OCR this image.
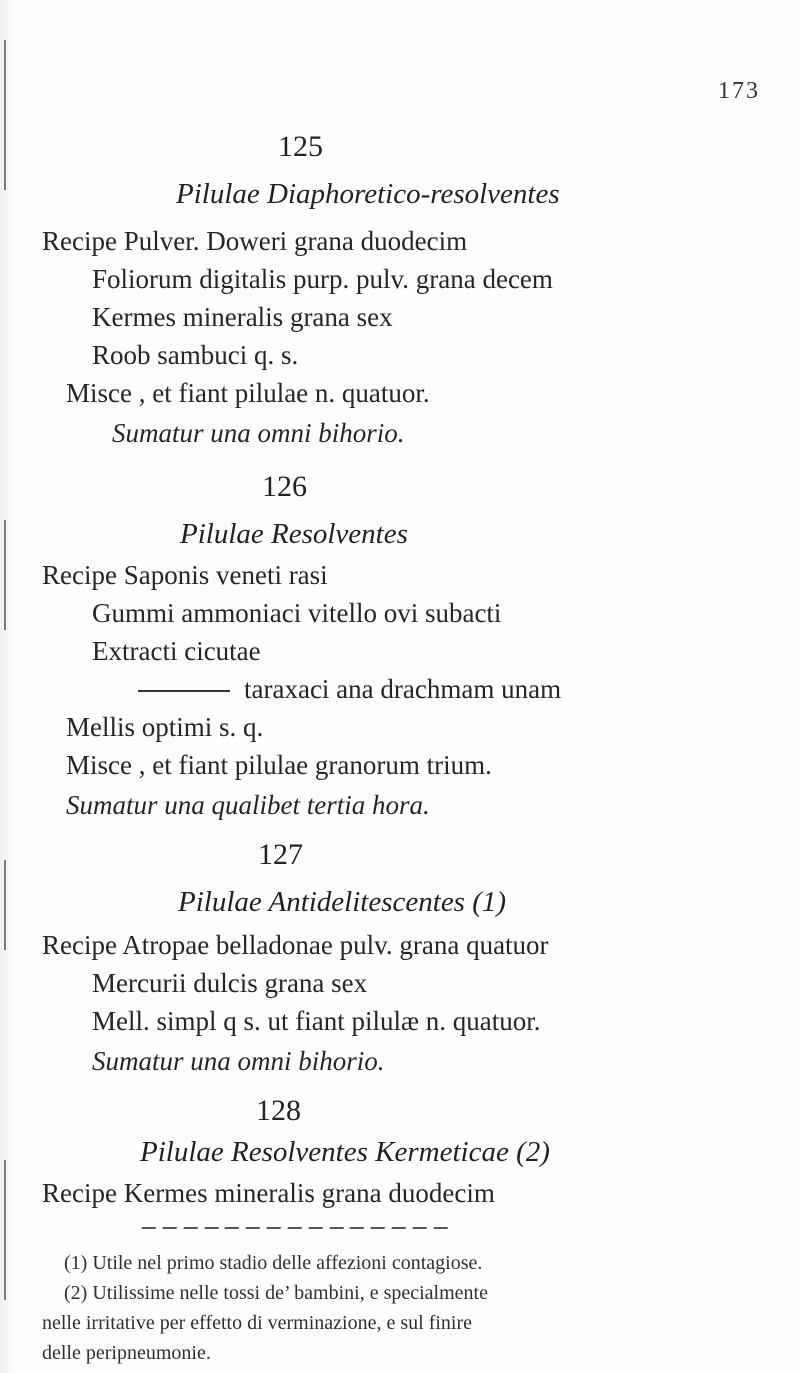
173
125
Pilulae Diaphoretico-resolventes
Recipe Pulver. Doweri grana duodecim
Foliorum digitalis purp. pulv. grana decem
Kermes mineralis grana sex
Roob sambuci q. s.
Misce , et fiant pilulae n. quatuor.
Sumatur una omni bihorio.
126
Pilulae Resolventes
Recipe Saponis veneti rasi
Gummi ammoniaci vitello ovi subacti
Extracti cicutae
taraxaci ana drachmam unam
Mellis optimi s. q.
Misce , et fiant pilulae granorum trium.
Sumatur una qualibet tertia hora.
127
Pilulae Antidelitescentes (1)
Recipe Atropae belladonae pulv. grana quatuor
Mercurii dulcis grana sex
Mell. simpl q s. ut fiant pilulæ n. quatuor.
Sumatur una omni bihorio.
128
Pilulae Resolventes Kermeticae (2)
Recipe Kermes mineralis grana duodecim
(1) Utile nel primo stadio delle affezioni contagiose.
(2) Utilissime nelle tossi de’ bambini, e specialmente
nelle irritative per effetto di verminazione, e sul finire
delle peripneumonie.
